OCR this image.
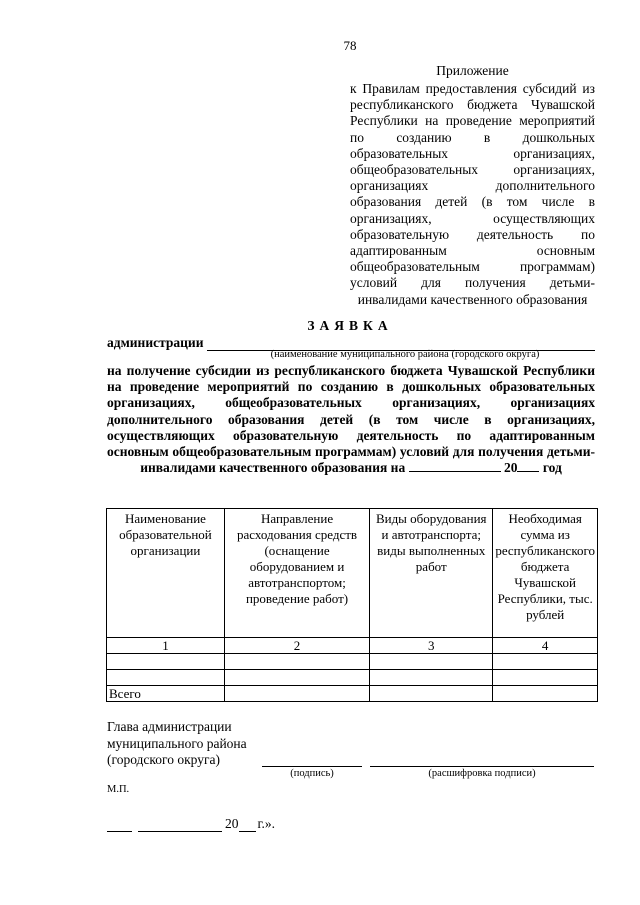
78
Приложение
к Правилам предоставления субсидий из республиканского бюджета Чувашской Республики на проведение мероприятий по созданию в дошкольных образовательных организациях, общеобразовательных организациях, организациях дополнительного образования детей (в том числе в организациях, осуществляющих образовательную деятельность по адаптированным основным общеобразовательным программам) условий для получения детьми-инвалидами качественного образования
ЗАЯВКА
администрации
(наименование муниципального района (городского округа)
на получение субсидии из республиканского бюджета Чувашской Республики на проведение мероприятий по созданию в дошкольных образовательных организациях, общеобразовательных организациях, организациях дополнительного образования детей (в том числе в организациях, осуществляющих образовательную деятельность по адаптированным основным общеобразовательным программам) условий для получения детьми-инвалидами качественного образования на	20 год
Наименование образовательной организации	Направление расходования средств (оснащение оборудованием и автотранспортом; проведение работ)	Виды оборудования и автотранспорта; виды выполненных работ	Необходимая сумма из республиканского бюджета Чувашской Республики, тыс. рублей
1	2	3	4

Всего			
Глава администрации
муниципального района
(городского округа)
(подпись)	(расшифровка подписи)
М.П.
20 г.».
